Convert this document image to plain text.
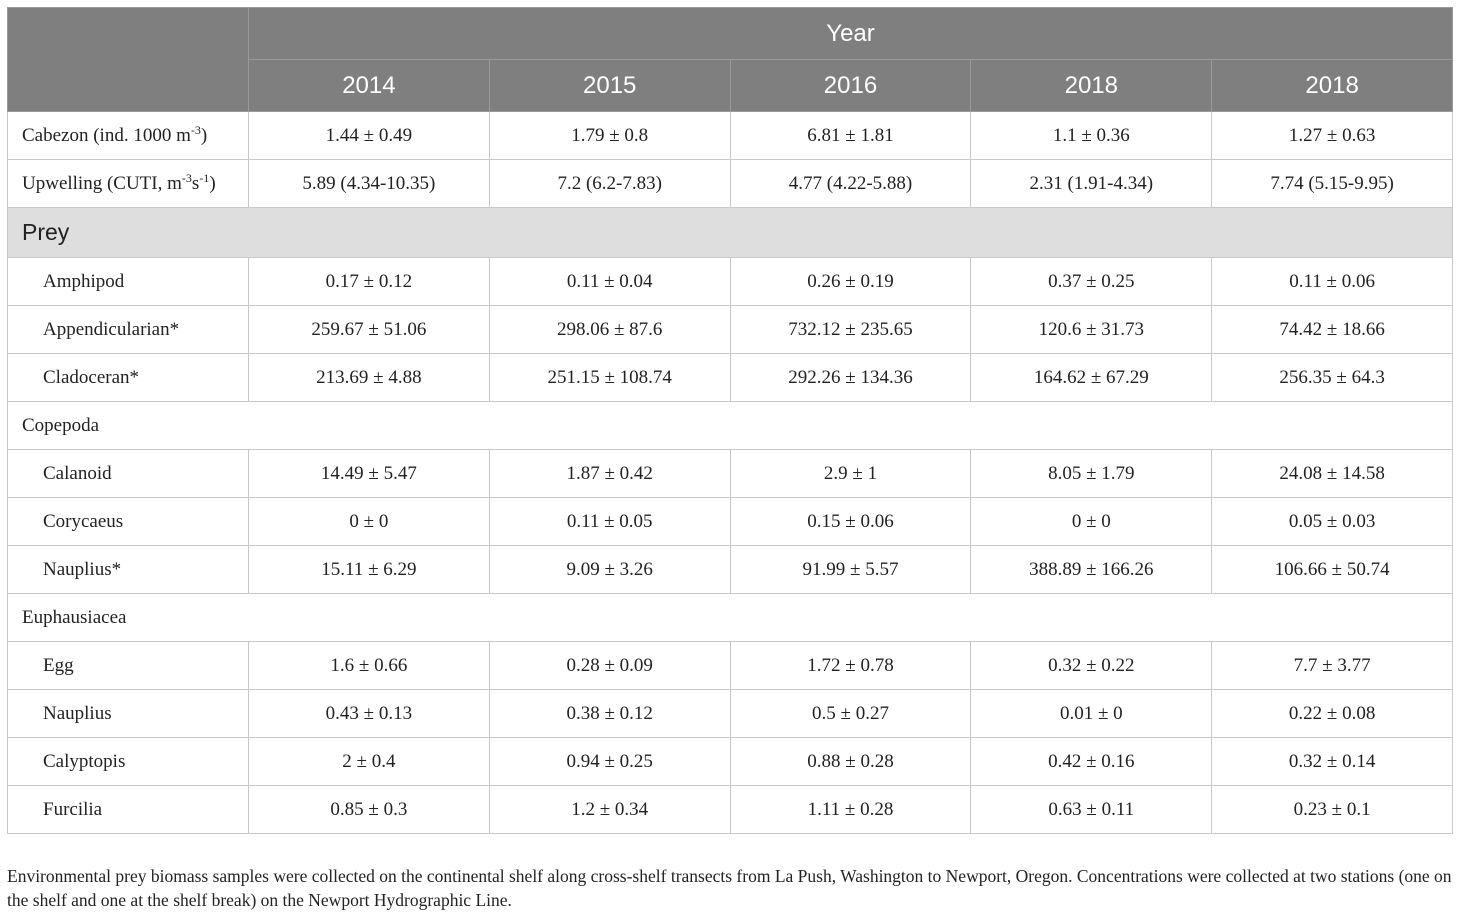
	Year				
	2014	2015	2016	2018	2018
Cabezon (ind. 1000 $m^{-3}$)	1.44 ± 0.49	1.79 ± 0.8	6.81 ± 1.81	1.1 ± 0.36	1.27 ± 0.63
Upwelling (CUTI, $m^{-3}s^{-1}$)	5.89 (4.34-10.35)	7.2 (6.2-7.83)	4.77 (4.22-5.88)	2.31 (1.91-4.34)	7.74 (5.15-9.95)
Prey					
Amphipod	0.17 ± 0.12	0.11 ± 0.04	0.26 ± 0.19	0.37 ± 0.25	0.11 ± 0.06
Appendicularian*	259.67 ± 51.06	298.06 ± 87.6	732.12 ± 235.65	120.6 ± 31.73	74.42 ± 18.66
Cladoceran*	213.69 ± 4.88	251.15 ± 108.74	292.26 ± 134.36	164.62 ± 67.29	256.35 ± 64.3
Copepoda					
Calanoid	14.49 ± 5.47	1.87 ± 0.42	2.9 ± 1	8.05 ± 1.79	24.08 ± 14.58
Corycaeus	0 ± 0	0.11 ± 0.05	0.15 ± 0.06	0 ± 0	0.05 ± 0.03
Nauplius*	15.11 ± 6.29	9.09 ± 3.26	91.99 ± 5.57	388.89 ± 166.26	106.66 ± 50.74
Euphausiacea					
Egg	1.6 ± 0.66	0.28 ± 0.09	1.72 ± 0.78	0.32 ± 0.22	7.7 ± 3.77
Nauplius	0.43 ± 0.13	0.38 ± 0.12	0.5 ± 0.27	0.01 ± 0	0.22 ± 0.08
Calyptopis	2 ± 0.4	0.94 ± 0.25	0.88 ± 0.28	0.42 ± 0.16	0.32 ± 0.14
Furcilia	0.85 ± 0.3	1.2 ± 0.34	1.11 ± 0.28	0.63 ± 0.11	0.23 ± 0.1

Environmental prey biomass samples were collected on the continental shelf along cross-shelf transects from La Push, Washington to Newport, Oregon. Concentrations were collected at two stations (one on the shelf and one at the shelf break) on the Newport Hydrographic Line.
